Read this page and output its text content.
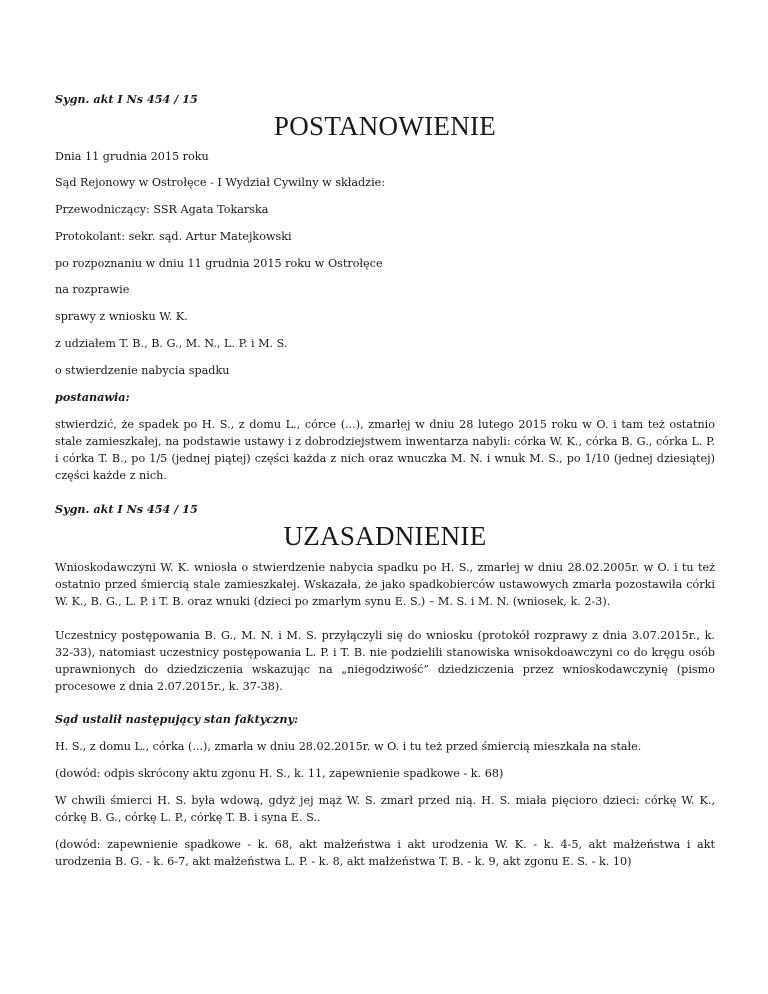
Sygn. akt I Ns 454 / 15

POSTANOWIENIE

Dnia 11 grudnia 2015 roku

Sąd Rejonowy w Ostrołęce - I Wydział Cywilny w składzie:

Przewodniczący: SSR Agata Tokarska

Protokolant: sekr. sąd. Artur Matejkowski

po rozpoznaniu w dniu 11 grudnia 2015 roku w Ostrołęce

na rozprawie

sprawy z wniosku W. K.

z udziałem T. B., B. G., M. N., L. P. i M. S.

o stwierdzenie nabycia spadku

postanawia:

stwierdzić, że spadek po H. S., z domu L., córce (...), zmarłej w dniu 28 lutego 2015 roku w O. i tam też ostatnio stale zamieszkałej, na podstawie ustawy i z dobrodziejstwem inwentarza nabyli: córka W. K., córka B. G., córka L. P. i córka T. B., po 1/5 (jednej piątej) części każda z nich oraz wnuczka M. N. i wnuk M. S., po 1/10 (jednej dziesiątej) części każde z nich.

Sygn. akt I Ns 454 / 15

UZASADNIENIE

Wnioskodawczyni W. K. wniosła o stwierdzenie nabycia spadku po H. S., zmarłej w dniu 28.02.2005r. w O. i tu też ostatnio przed śmiercią stale zamieszkałej. Wskazała, że jako spadkobierców ustawowych zmarła pozostawiła córki W. K., B. G., L. P. i T. B. oraz wnuki (dzieci po zmarłym synu E. S.) – M. S. i M. N. (wniosek, k. 2-3).

Uczestnicy postępowania B. G., M. N. i M. S. przyłączyli się do wniosku (protokół rozprawy z dnia 3.07.2015r., k. 32-33), natomiast uczestnicy postępowania L. P. i T. B. nie podzielili stanowiska wnisokdoawczyni co do kręgu osób uprawnionych do dziedziczenia wskazując na „niegodziwość” dziedziczenia przez wnioskodawczynię (pismo procesowe z dnia 2.07.2015r., k. 37-38).

Sąd ustalił następujący stan faktyczny:

H. S., z domu L., córka (...), zmarła w dniu 28.02.2015r. w O. i tu też przed śmiercią mieszkała na stałe.

(dowód: odpis skrócony aktu zgonu H. S., k. 11, zapewnienie spadkowe - k. 68)

W chwili śmierci H. S. była wdową, gdyż jej mąż W. S. zmarł przed nią. H. S. miała pięcioro dzieci: córkę W. K., córkę B. G., córkę L. P., córkę T. B. i syna E. S..

(dowód: zapewnienie spadkowe - k. 68, akt małżeństwa i akt urodzenia W. K. - k. 4-5, akt małżeństwa i akt urodzenia B. G. - k. 6-7, akt małżeństwa L. P. - k. 8, akt małżeństwa T. B. - k. 9, akt zgonu E. S. - k. 10)
